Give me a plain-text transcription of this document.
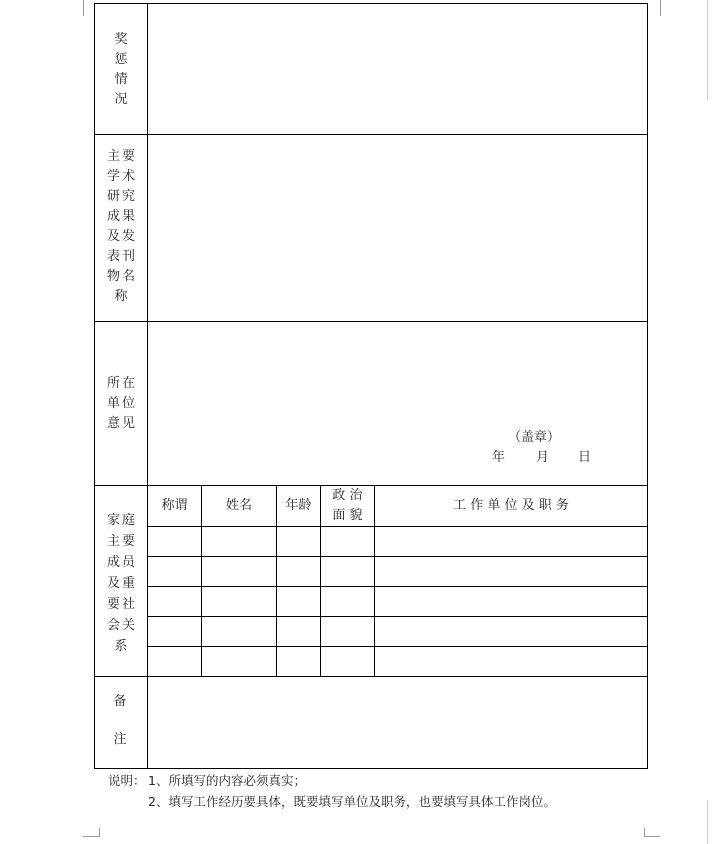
奖
惩
情
况
主 要
学 术
研 究
成 果
及 发
表 刊
物 名
称
所 在
单 位
意 见
（盖章）
年 月 日
家 庭
主 要
成 员
及 重
要 社
会 关
系
称谓	姓名	年龄
政 治
面 貌
工 作 单 位 及 职 务
备
注
说明： 1、所填写的内容必须真实；
2、填写工作经历要具体，既要填写单位及职务，也要填写具体工作岗位。
